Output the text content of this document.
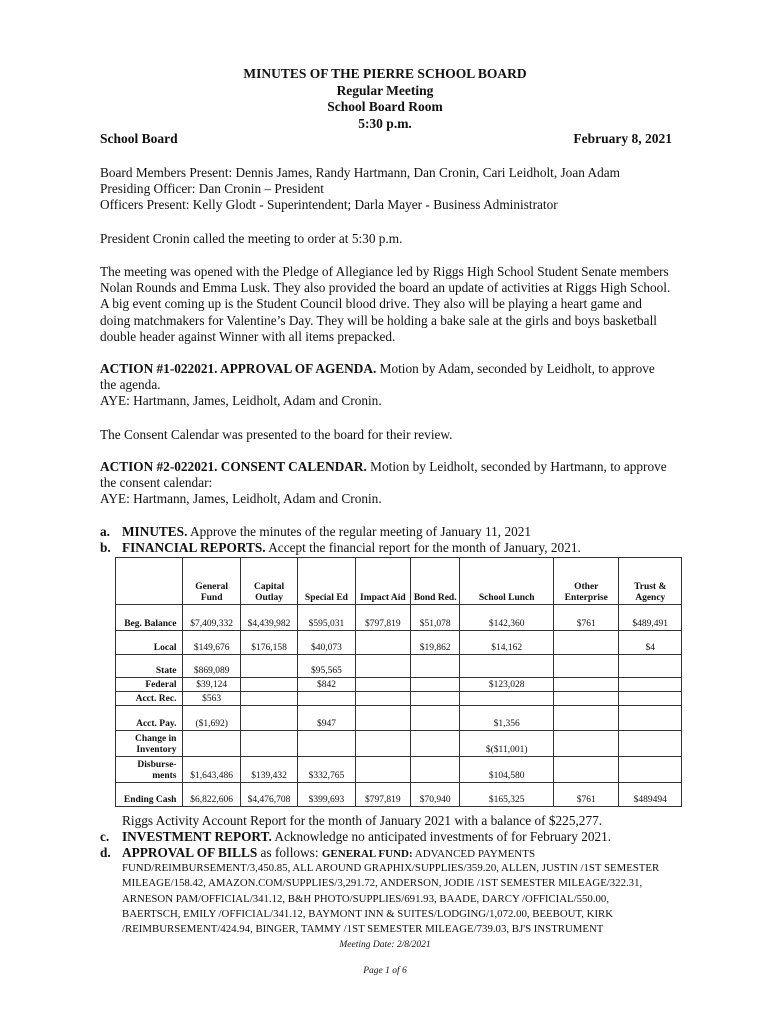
MINUTES OF THE PIERRE SCHOOL BOARD
Regular Meeting
School Board Room
5:30 p.m.
School Board	February 8, 2021
Board Members Present: Dennis James, Randy Hartmann, Dan Cronin, Cari Leidholt, Joan Adam
Presiding Officer: Dan Cronin – President
Officers Present: Kelly Glodt - Superintendent; Darla Mayer - Business Administrator
President Cronin called the meeting to order at 5:30 p.m.
The meeting was opened with the Pledge of Allegiance led by Riggs High School Student Senate members
Nolan Rounds and Emma Lusk. They also provided the board an update of activities at Riggs High School.
A big event coming up is the Student Council blood drive. They also will be playing a heart game and
doing matchmakers for Valentine’s Day. They will be holding a bake sale at the girls and boys basketball
double header against Winner with all items prepacked.
ACTION #1-022021. APPROVAL OF AGENDA. Motion by Adam, seconded by Leidholt, to approve
the agenda.
AYE: Hartmann, James, Leidholt, Adam and Cronin.
The Consent Calendar was presented to the board for their review.
ACTION #2-022021. CONSENT CALENDAR. Motion by Leidholt, seconded by Hartmann, to approve
the consent calendar:
AYE: Hartmann, James, Leidholt, Adam and Cronin.
a. MINUTES. Approve the minutes of the regular meeting of January 11, 2021
b. FINANCIAL REPORTS. Accept the financial report for the month of January, 2021.
	General Fund	Capital Outlay	Special Ed	Impact Aid	Bond Red.	School Lunch	Other Enterprise	Trust & Agency
Beg. Balance	$7,409,332	$4,439,982	$595,031	$797,819	$51,078	$142,360	$761	$489,491
Local	$149,676	$176,158	$40,073		$19,862	$14,162		$4
State	$869,089		$95,565					
Federal	$39,124		$842			$123,028		
Acct. Rec.	$563							
Acct. Pay.	($1,692)		$947			$1,356		
Change in Inventory						$($11,001)		
Disburse-ments	$1,643,486	$139,432	$332,765			$104,580		
Ending Cash	$6,822,606	$4,476,708	$399,693	$797,819	$70,940	$165,325	$761	$489494
Riggs Activity Account Report for the month of January 2021 with a balance of $225,277.
c. INVESTMENT REPORT. Acknowledge no anticipated investments of for February 2021.
d. APPROVAL OF BILLS as follows: GENERAL FUND: ADVANCED PAYMENTS
FUND/REIMBURSEMENT/3,450.85, ALL AROUND GRAPHIX/SUPPLIES/359.20, ALLEN, JUSTIN /1ST SEMESTER
MILEAGE/158.42, AMAZON.COM/SUPPLIES/3,291.72, ANDERSON, JODIE /1ST SEMESTER MILEAGE/322.31,
ARNESON PAM/OFFICIAL/341.12, B&H PHOTO/SUPPLIES/691.93, BAADE, DARCY /OFFICIAL/550.00,
BAERTSCH, EMILY /OFFICIAL/341.12, BAYMONT INN & SUITES/LODGING/1,072.00, BEEBOUT, KIRK
/REIMBURSEMENT/424.94, BINGER, TAMMY /1ST SEMESTER MILEAGE/739.03, BJ'S INSTRUMENT
Meeting Date: 2/8/2021
Page 1 of 6
